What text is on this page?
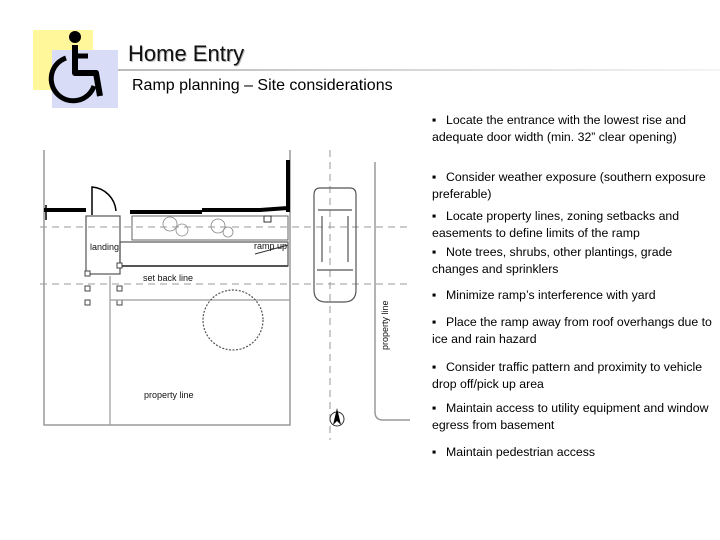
Home Entry
Ramp planning – Site considerations
landing	ramp up
set back line
property line
property line
▪ Locate the entrance with the lowest rise and adequate door width (min. 32” clear opening)
▪ Consider weather exposure (southern exposure preferable)
▪ Locate property lines, zoning setbacks and easements to define limits of the ramp
▪ Note trees, shrubs, other plantings, grade changes and sprinklers
▪ Minimize ramp’s interference with yard
▪ Place the ramp away from roof overhangs due to ice and rain hazard
▪ Consider traffic pattern and proximity to vehicle drop off/pick up area
▪ Maintain access to utility equipment and window egress from basement
▪ Maintain pedestrian access
